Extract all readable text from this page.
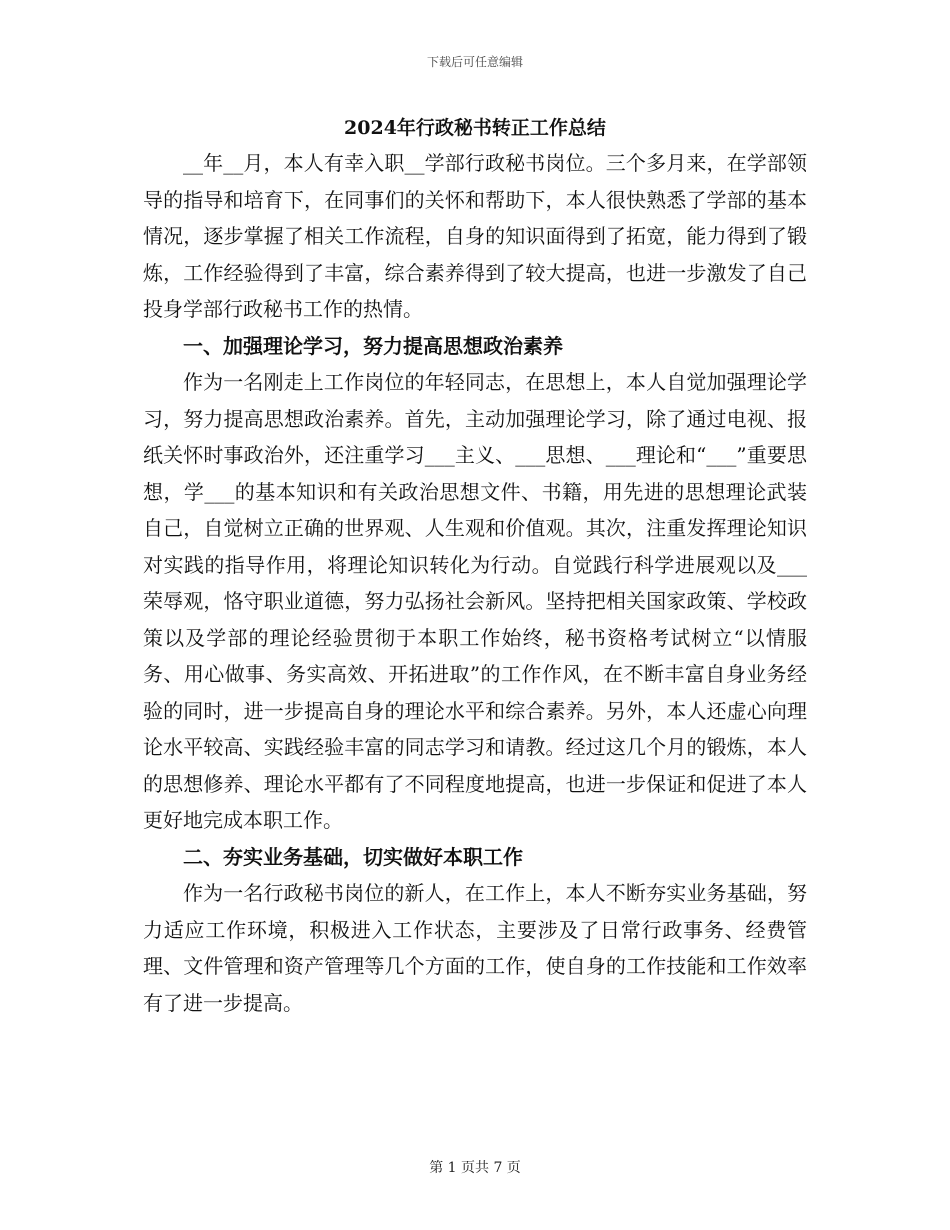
下载后可任意编辑
2024年行政秘书转正工作总结

__年__月，本人有幸入职__学部行政秘书岗位。三个多月来，在学部领导的指导和培育下，在同事们的关怀和帮助下，本人很快熟悉了学部的基本情况，逐步掌握了相关工作流程，自身的知识面得到了拓宽，能力得到了锻炼，工作经验得到了丰富，综合素养得到了较大提高，也进一步激发了自己投身学部行政秘书工作的热情。

一、加强理论学习，努力提高思想政治素养

作为一名刚走上工作岗位的年轻同志，在思想上，本人自觉加强理论学习，努力提高思想政治素养。首先，主动加强理论学习，除了通过电视、报纸关怀时事政治外，还注重学习___主义、___思想、___理论和“___”重要思想，学___的基本知识和有关政治思想文件、书籍，用先进的思想理论武装自己，自觉树立正确的世界观、人生观和价值观。其次，注重发挥理论知识对实践的指导作用，将理论知识转化为行动。自觉践行科学进展观以及___荣辱观，恪守职业道德，努力弘扬社会新风。坚持把相关国家政策、学校政策以及学部的理论经验贯彻于本职工作始终，秘书资格考试树立“以情服务、用心做事、务实高效、开拓进取”的工作作风，在不断丰富自身业务经验的同时，进一步提高自身的理论水平和综合素养。另外，本人还虚心向理论水平较高、实践经验丰富的同志学习和请教。经过这几个月的锻炼，本人的思想修养、理论水平都有了不同程度地提高，也进一步保证和促进了本人更好地完成本职工作。

二、夯实业务基础，切实做好本职工作

作为一名行政秘书岗位的新人，在工作上，本人不断夯实业务基础，努力适应工作环境，积极进入工作状态，主要涉及了日常行政事务、经费管理、文件管理和资产管理等几个方面的工作，使自身的工作技能和工作效率有了进一步提高。

第 1 页共 7 页
